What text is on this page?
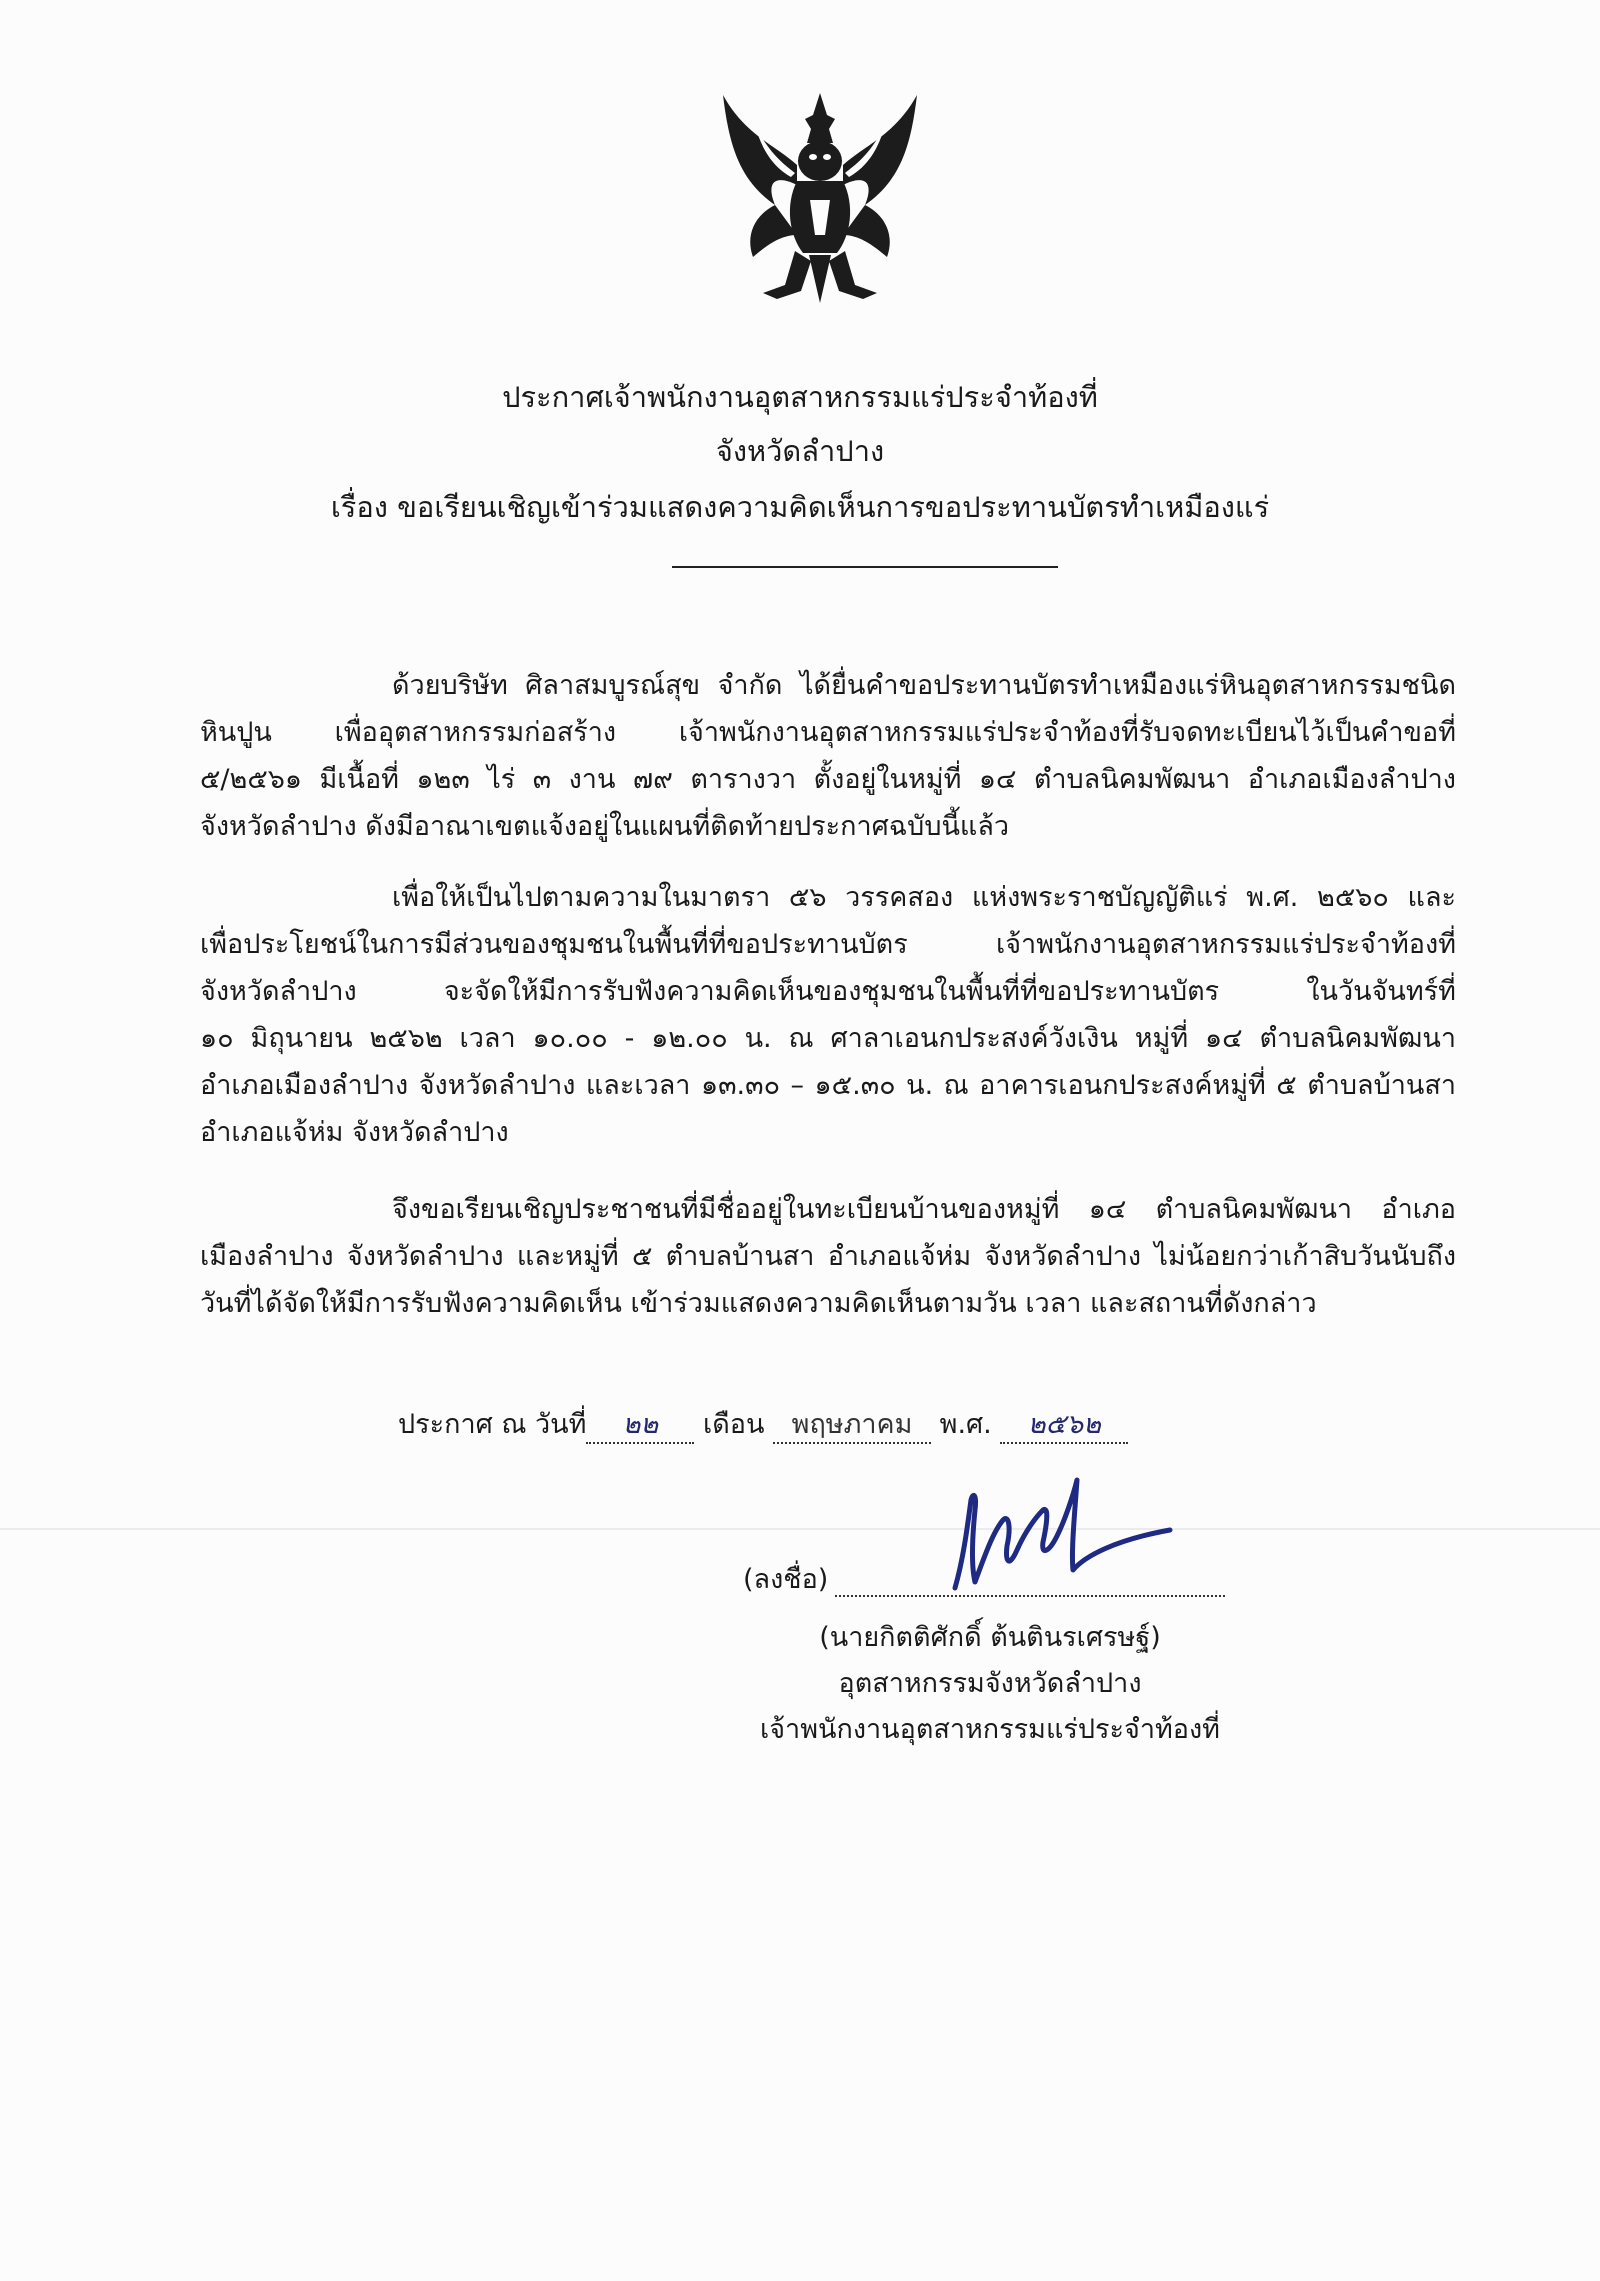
ประกาศเจ้าพนักงานอุตสาหกรรมแร่ประจำท้องที่
จังหวัดลำปาง
เรื่อง ขอเรียนเชิญเข้าร่วมแสดงความคิดเห็นการขอประทานบัตรทำเหมืองแร่

ด้วยบริษัท ศิลาสมบูรณ์สุข จำกัด ได้ยื่นคำขอประทานบัตรทำเหมืองแร่หินอุตสาหกรรมชนิด
หินปูน เพื่ออุตสาหกรรมก่อสร้าง เจ้าพนักงานอุตสาหกรรมแร่ประจำท้องที่รับจดทะเบียนไว้เป็นคำขอที่
๕/๒๕๖๑ มีเนื้อที่ ๑๒๓ ไร่ ๓ งาน ๗๙ ตารางวา ตั้งอยู่ในหมู่ที่ ๑๔ ตำบลนิคมพัฒนา อำเภอเมืองลำปาง
จังหวัดลำปาง ดังมีอาณาเขตแจ้งอยู่ในแผนที่ติดท้ายประกาศฉบับนี้แล้ว

เพื่อให้เป็นไปตามความในมาตรา ๕๖ วรรคสอง แห่งพระราชบัญญัติแร่ พ.ศ. ๒๕๖๐ และ
เพื่อประโยชน์ในการมีส่วนของชุมชนในพื้นที่ที่ขอประทานบัตร เจ้าพนักงานอุตสาหกรรมแร่ประจำท้องที่
จังหวัดลำปาง จะจัดให้มีการรับฟังความคิดเห็นของชุมชนในพื้นที่ที่ขอประทานบัตร ในวันจันทร์ที่
๑๐ มิถุนายน ๒๕๖๒ เวลา ๑๐.๐๐ - ๑๒.๐๐ น. ณ ศาลาเอนกประสงค์วังเงิน หมู่ที่ ๑๔ ตำบลนิคมพัฒนา
อำเภอเมืองลำปาง จังหวัดลำปาง และเวลา ๑๓.๓๐ – ๑๕.๓๐ น. ณ อาคารเอนกประสงค์หมู่ที่ ๕ ตำบลบ้านสา
อำเภอแจ้ห่ม จังหวัดลำปาง

จึงขอเรียนเชิญประชาชนที่มีชื่ออยู่ในทะเบียนบ้านของหมู่ที่ ๑๔ ตำบลนิคมพัฒนา อำเภอ
เมืองลำปาง จังหวัดลำปาง และหมู่ที่ ๕ ตำบลบ้านสา อำเภอแจ้ห่ม จังหวัดลำปาง ไม่น้อยกว่าเก้าสิบวันนับถึง
วันที่ได้จัดให้มีการรับฟังความคิดเห็น เข้าร่วมแสดงความคิดเห็นตามวัน เวลา และสถานที่ดังกล่าว

ประกาศ ณ วันที่ ๒๒ เดือน พฤษภาคม พ.ศ. ๒๕๖๒
(ลงชื่อ)
(นายกิตติศักดิ์ ต้นตินรเศรษฐ์)
อุตสาหกรรมจังหวัดลำปาง
เจ้าพนักงานอุตสาหกรรมแร่ประจำท้องที่
